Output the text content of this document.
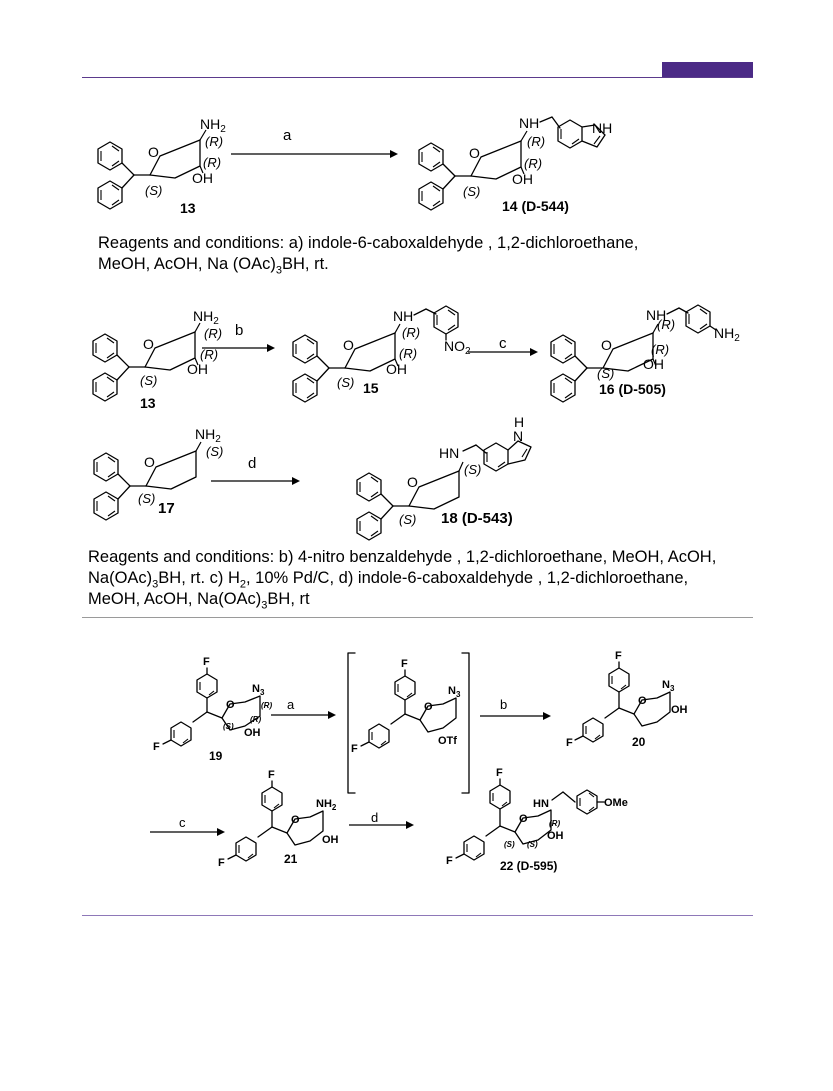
O
$NH_2$
(R)
(R)
OH
(S)
13
a
O
NH	NH
(R)
(R)
OH
(S)
14 (D-544)
Reagents and conditions: a) indole-6-caboxaldehyde , 1,2-dichloroethane,
MeOH, AcOH, Na $(OAc)_3BH$, rt.
O
$NH_2$
(R)
(R)
OH
(S)
13
b
O
NH
$NO_2$
(R)
(R)
OH
(S) 15
c	O
NH
$NH_2$
(R)
(R)
OH
(S)
16 (D-505)
O
$NH_2$
(S)
(S)
17
d
O
HN
H
N
(S)
(S) 18 (D-543)
Reagents and conditions: b) 4-nitro benzaldehyde , 1,2-dichloroethane, MeOH, AcOH,
$Na(OAc)_3BH$, rt. c) $H_2$, 10% Pd/C, d) indole-6-caboxaldehyde , 1,2-dichloroethane,
MeOH, AcOH, $Na(OAc)_3BH$, rt
F
F
O
$N_3$
(R)
(R)
(S)
OH
19
a
F
F
O
$N_3$
OTf
b
F
F
O
$N_3$
OH
20
c
F
F
O
$NH_2$
OH
21
d
F
F
O
HN	OMe
(R)
(S) (S)
OH
22 (D-595)
